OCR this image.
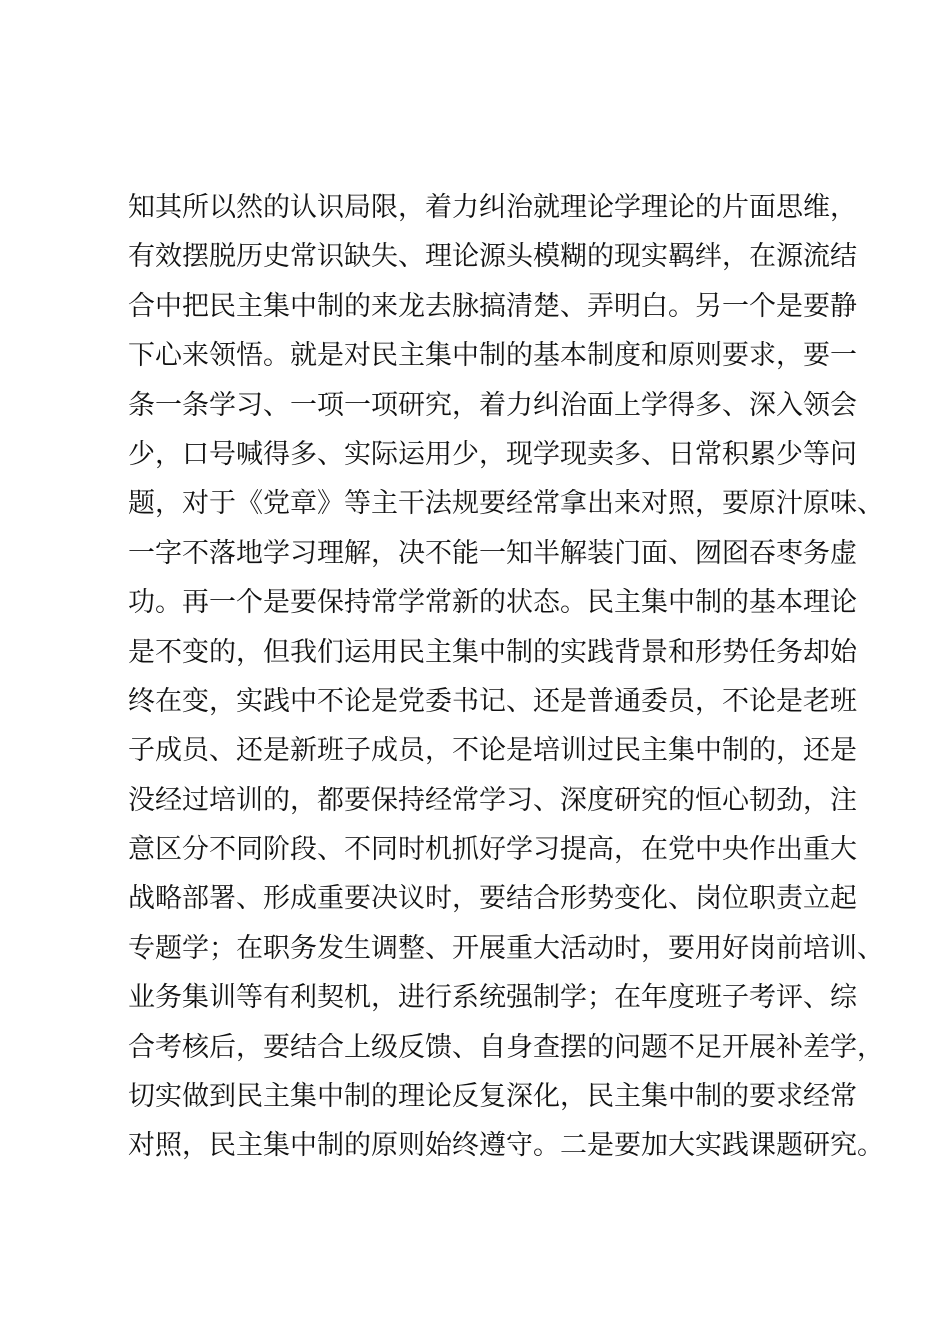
知其所以然的认识局限，着力纠治就理论学理论的片面思维，
有效摆脱历史常识缺失、理论源头模糊的现实羁绊，在源流结
合中把民主集中制的来龙去脉搞清楚、弄明白。另一个是要静
下心来领悟。就是对民主集中制的基本制度和原则要求，要一
条一条学习、一项一项研究，着力纠治面上学得多、深入领会
少，口号喊得多、实际运用少，现学现卖多、日常积累少等问
题，对于《党章》等主干法规要经常拿出来对照，要原汁原味、
一字不落地学习理解，决不能一知半解装门面、囫囵吞枣务虚
功。再一个是要保持常学常新的状态。民主集中制的基本理论
是不变的，但我们运用民主集中制的实践背景和形势任务却始
终在变，实践中不论是党委书记、还是普通委员，不论是老班
子成员、还是新班子成员，不论是培训过民主集中制的，还是
没经过培训的，都要保持经常学习、深度研究的恒心韧劲，注
意区分不同阶段、不同时机抓好学习提高，在党中央作出重大
战略部署、形成重要决议时，要结合形势变化、岗位职责立起
专题学；在职务发生调整、开展重大活动时，要用好岗前培训、
业务集训等有利契机，进行系统强制学；在年度班子考评、综
合考核后，要结合上级反馈、自身查摆的问题不足开展补差学，
切实做到民主集中制的理论反复深化，民主集中制的要求经常
对照，民主集中制的原则始终遵守。二是要加大实践课题研究。
